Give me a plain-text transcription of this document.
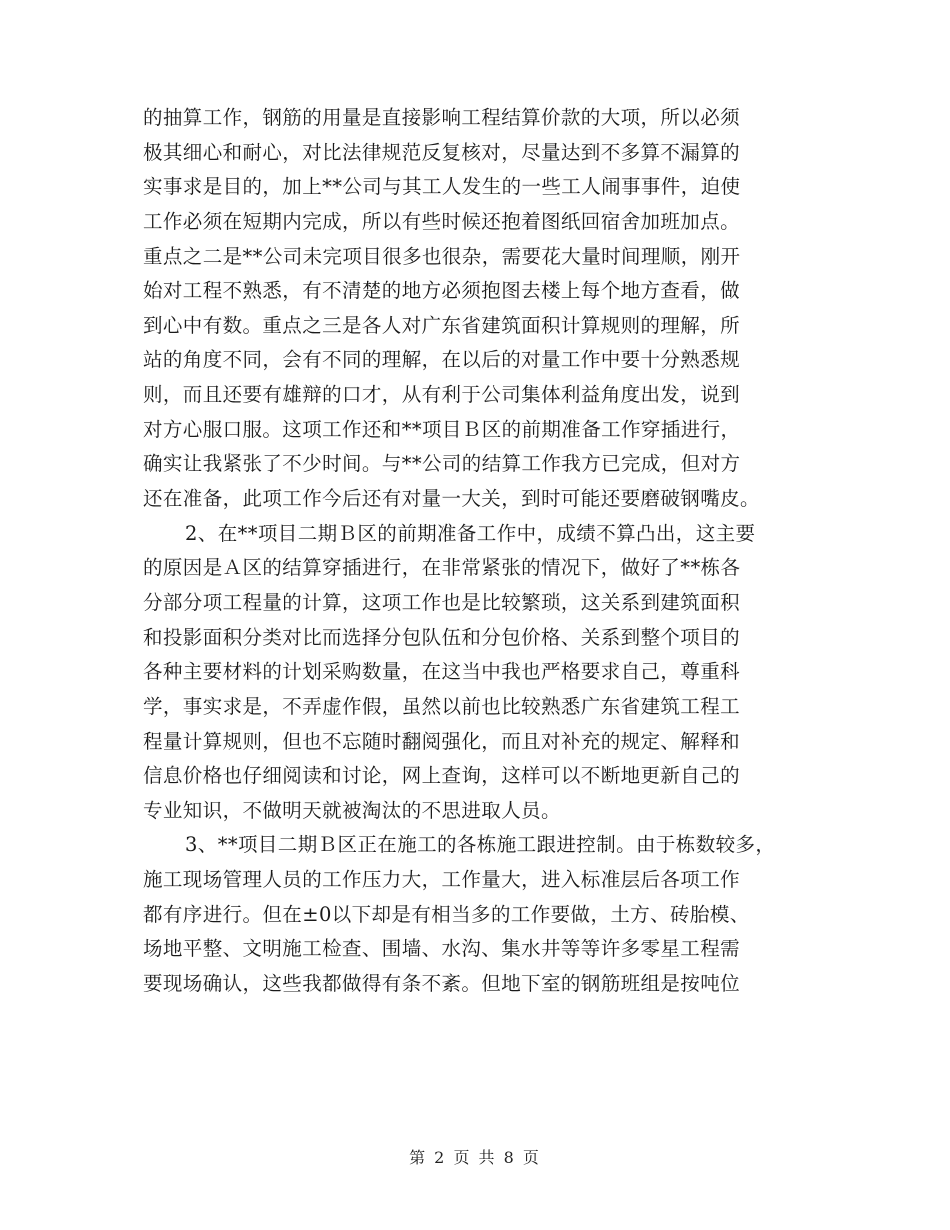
的抽算工作，钢筋的用量是直接影响工程结算价款的大项，所以必须
极其细心和耐心，对比法律规范反复核对，尽量达到不多算不漏算的
实事求是目的，加上**公司与其工人发生的一些工人闹事事件，迫使
工作必须在短期内完成，所以有些时候还抱着图纸回宿舍加班加点。
重点之二是**公司未完项目很多也很杂，需要花大量时间理顺，刚开
始对工程不熟悉，有不清楚的地方必须抱图去楼上每个地方查看，做
到心中有数。重点之三是各人对广东省建筑面积计算规则的理解，所
站的角度不同，会有不同的理解，在以后的对量工作中要十分熟悉规
则，而且还要有雄辩的口才，从有利于公司集体利益角度出发，说到
对方心服口服。这项工作还和**项目Ｂ区的前期准备工作穿插进行，
确实让我紧张了不少时间。与**公司的结算工作我方已完成，但对方
还在准备，此项工作今后还有对量一大关，到时可能还要磨破钢嘴皮。
2、在**项目二期Ｂ区的前期准备工作中，成绩不算凸出，这主要
的原因是Ａ区的结算穿插进行，在非常紧张的情况下，做好了**栋各
分部分项工程量的计算，这项工作也是比较繁琐，这关系到建筑面积
和投影面积分类对比而选择分包队伍和分包价格、关系到整个项目的
各种主要材料的计划采购数量，在这当中我也严格要求自己，尊重科
学，事实求是，不弄虚作假，虽然以前也比较熟悉广东省建筑工程工
程量计算规则，但也不忘随时翻阅强化，而且对补充的规定、解释和
信息价格也仔细阅读和讨论，网上查询，这样可以不断地更新自己的
专业知识，不做明天就被淘汰的不思进取人员。
3、**项目二期Ｂ区正在施工的各栋施工跟进控制。由于栋数较多，
施工现场管理人员的工作压力大，工作量大，进入标准层后各项工作
都有序进行。但在±0以下却是有相当多的工作要做，土方、砖胎模、
场地平整、文明施工检查、围墙、水沟、集水井等等许多零星工程需
要现场确认，这些我都做得有条不紊。但地下室的钢筋班组是按吨位
第 2 页 共 8 页
